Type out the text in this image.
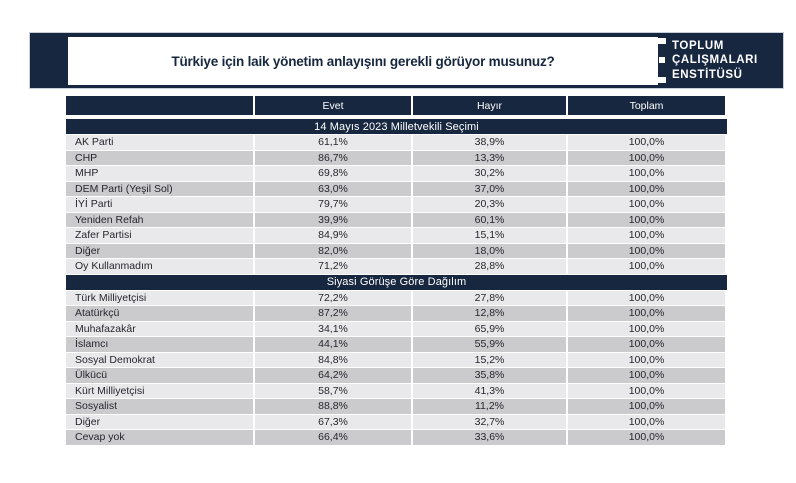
Türkiye için laik yönetim anlayışını gerekli görüyor musunuz?
TOPLUM
ÇALIŞMALARI
ENSTİTÜSÜ
Evet	Hayır	Toplam
14 Mayıs 2023 Milletvekili Seçimi
AK Parti	61,1%	38,9%	100,0%
CHP	86,7%	13,3%	100,0%
MHP	69,8%	30,2%	100,0%
DEM Parti (Yeşil Sol)	63,0%	37,0%	100,0%
İYİ Parti	79,7%	20,3%	100,0%
Yeniden Refah	39,9%	60,1%	100,0%
Zafer Partisi	84,9%	15,1%	100,0%
Diğer	82,0%	18,0%	100,0%
Oy Kullanmadım	71,2%	28,8%	100,0%
Siyasi Görüşe Göre Dağılım
Türk Milliyetçisi	72,2%	27,8%	100,0%
Atatürkçü	87,2%	12,8%	100,0%
Muhafazakâr	34,1%	65,9%	100,0%
İslamcı	44,1%	55,9%	100,0%
Sosyal Demokrat	84,8%	15,2%	100,0%
Ülkücü	64,2%	35,8%	100,0%
Kürt Milliyetçisi	58,7%	41,3%	100,0%
Sosyalist	88,8%	11,2%	100,0%
Diğer	67,3%	32,7%	100,0%
Cevap yok	66,4%	33,6%	100,0%
